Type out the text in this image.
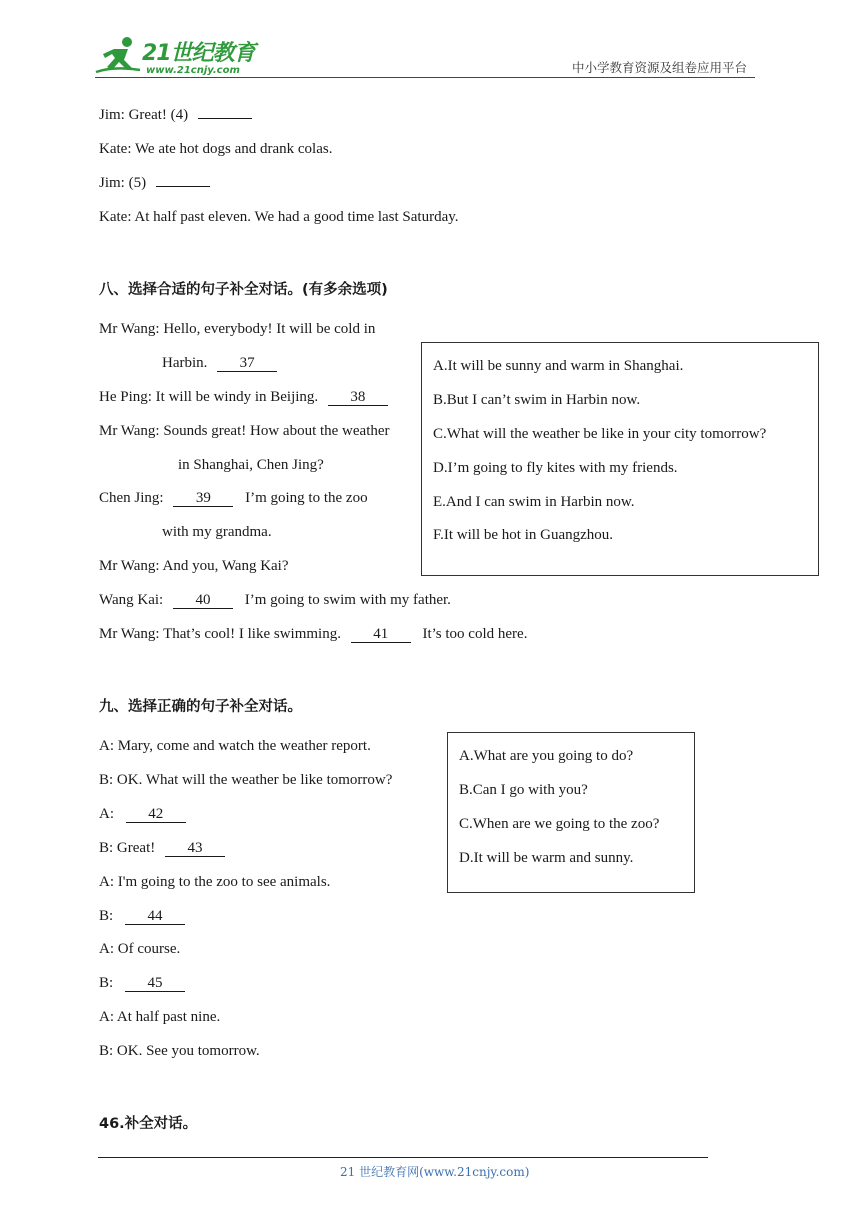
21世纪教育
www.21cnjy.com	中小学教育资源及组卷应用平台
Jim: Great! (4)
Kate: We ate hot dogs and drank colas.
Jim: (5)
Kate: At half past eleven. We had a good time last Saturday.
八、选择合适的句子补全对话。(有多余选项)
Mr Wang: Hello, everybody! It will be cold in
Harbin. 37
He Ping: It will be windy in Beijing. 38
Mr Wang: Sounds great! How about the weather
in Shanghai, Chen Jing?
Chen Jing: 39 I’m going to the zoo
with my grandma.
Mr Wang: And you, Wang Kai?
Wang Kai: 40 I’m going to swim with my father.
Mr Wang: That’s cool! I like swimming. 41 It’s too cold here.
A.It will be sunny and warm in Shanghai.
B.But I can’t swim in Harbin now.
C.What will the weather be like in your city tomorrow?
D.I’m going to fly kites with my friends.
E.And I can swim in Harbin now.
F.It will be hot in Guangzhou.
九、选择正确的句子补全对话。
A: Mary, come and watch the weather report.
B: OK. What will the weather be like tomorrow?
A: 42
B: Great! 43
A: I'm going to the zoo to see animals.
B: 44
A: Of course.
B: 45
A: At half past nine.
B: OK. See you tomorrow.
A.What are you going to do?
B.Can I go with you?
C.When are we going to the zoo?
D.It will be warm and sunny.
46.补全对话。
21 世纪教育网(www.21cnjy.com)
